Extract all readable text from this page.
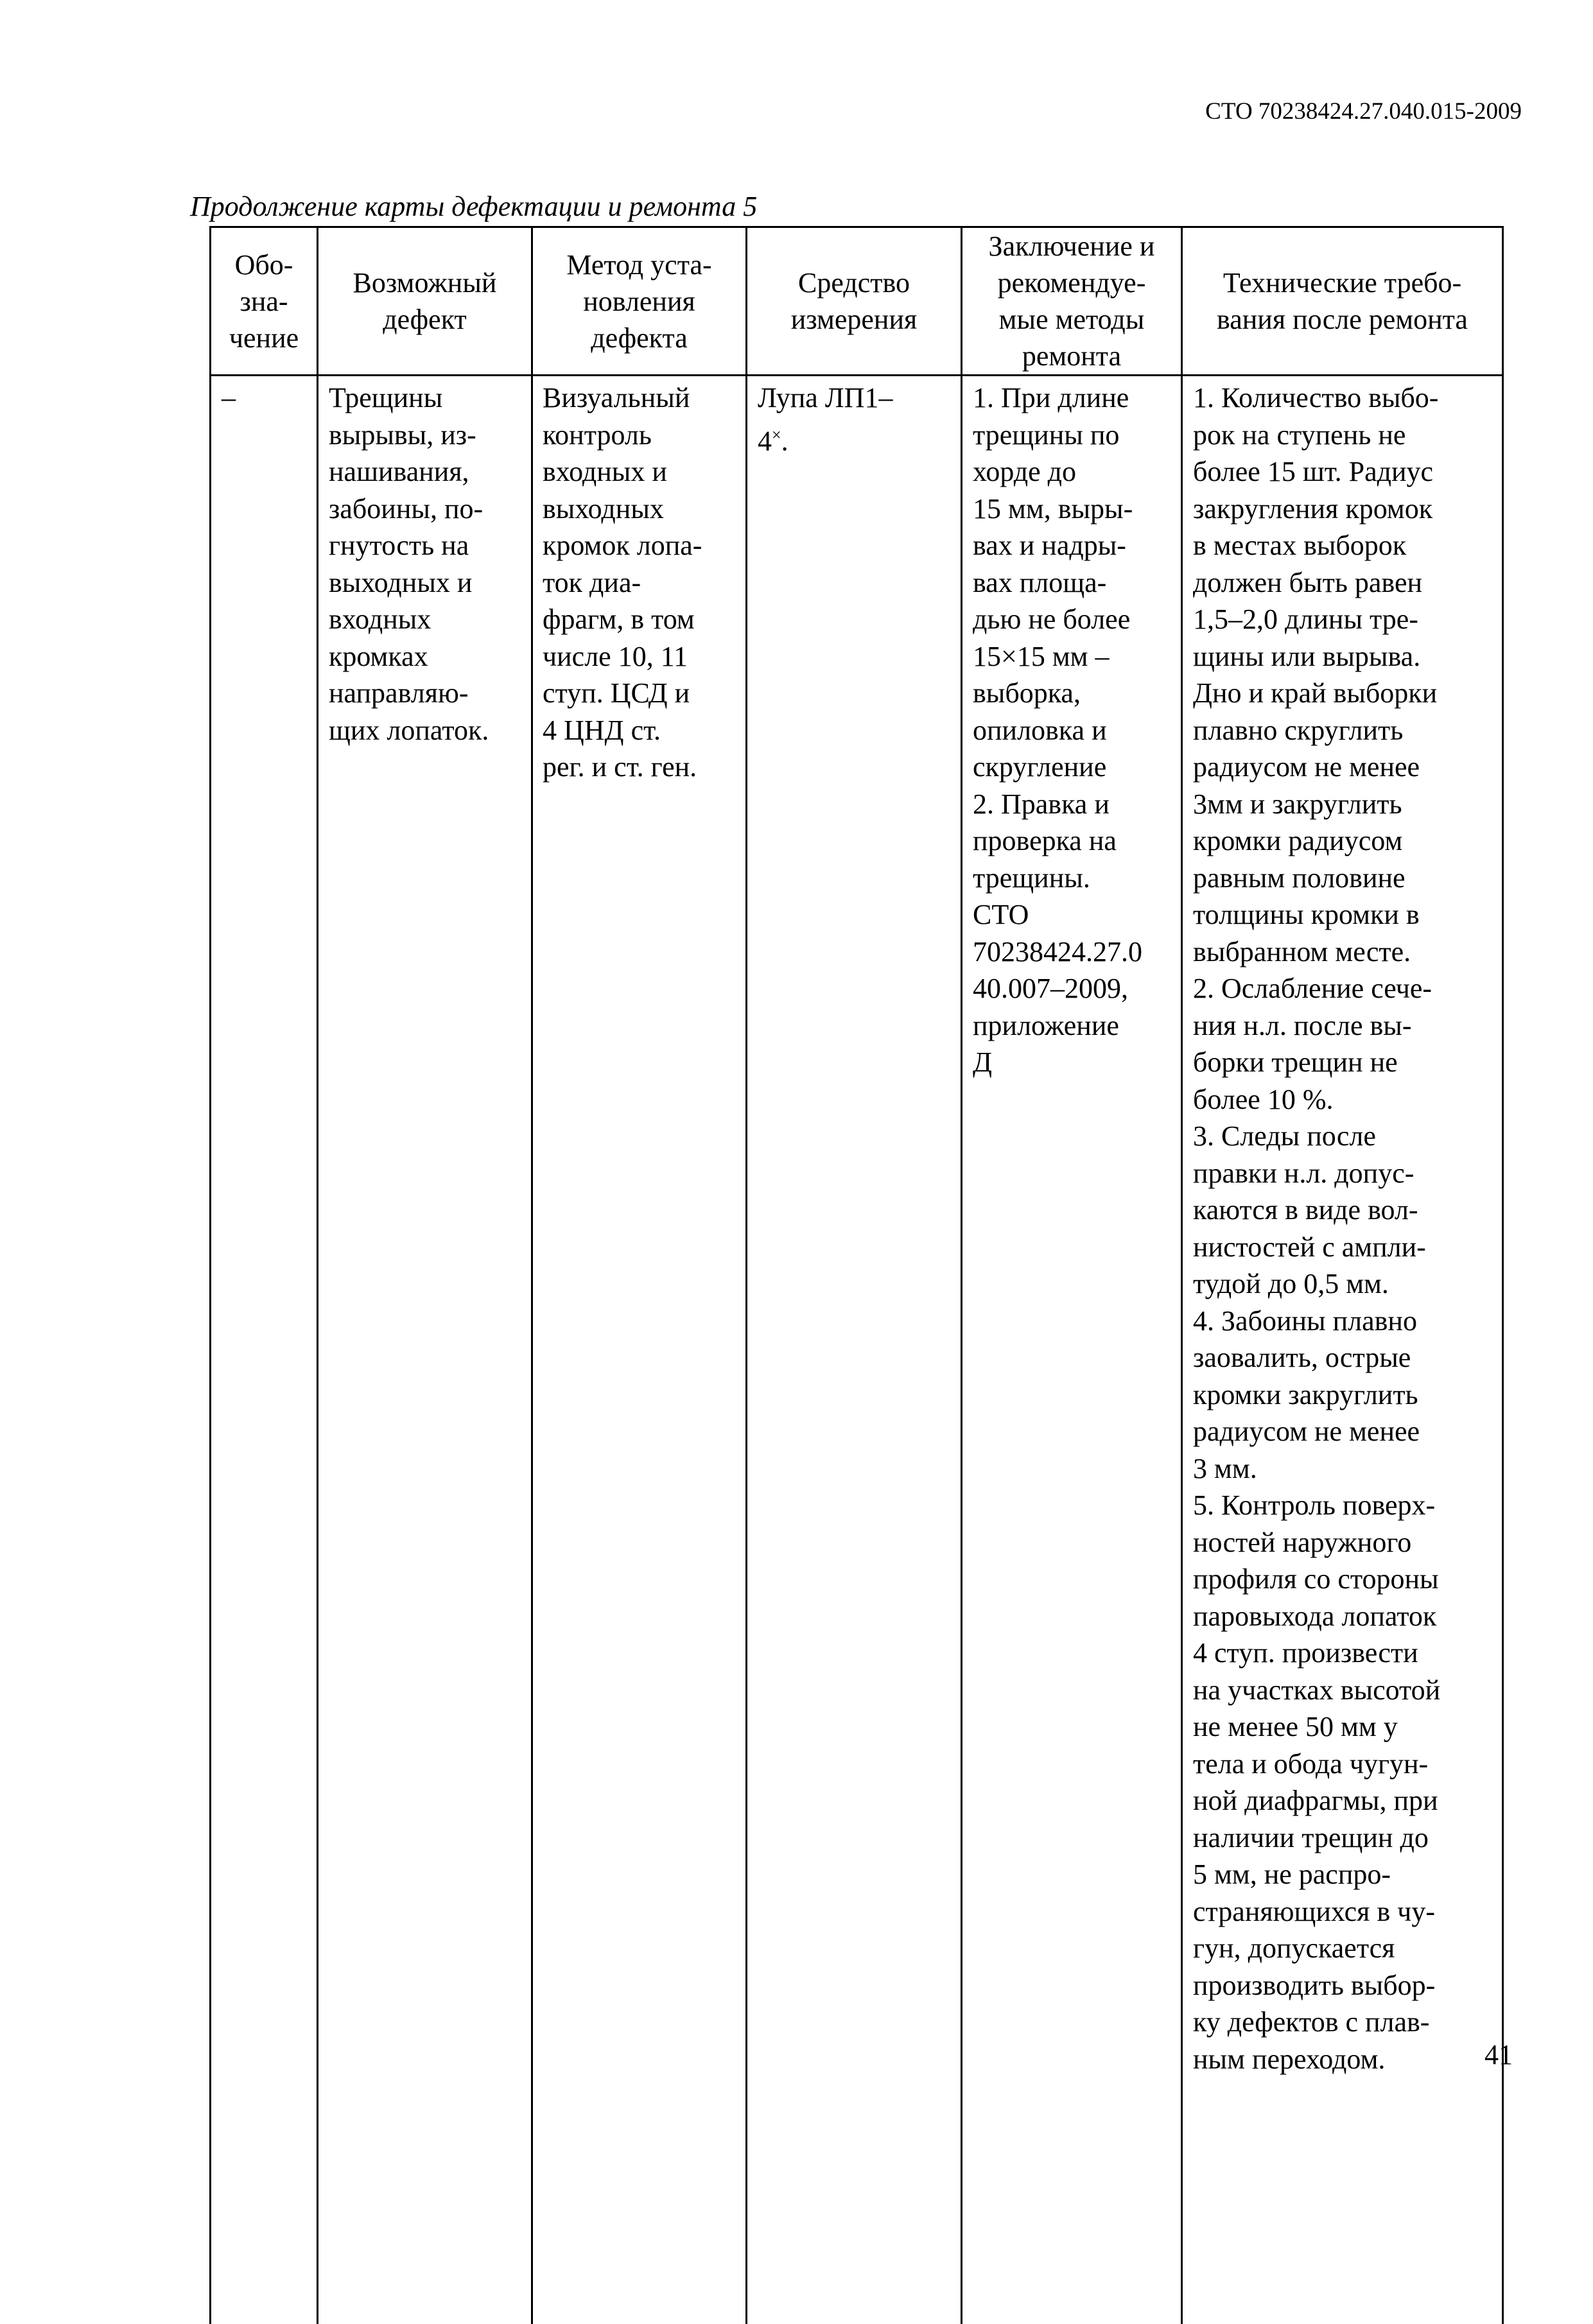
СТО 70238424.27.040.015-2009
Продолжение карты дефектации и ремонта 5
Обо-
зна-
чение
Возможный
дефект
Метод уста-
новления
дефекта
Средство
измерения
Заключение и
рекомендуе-
мые методы
ремонта
Технические требо-
вания после ремонта
–	Трещины
вырывы, из-
нашивания,
забоины, по-
гнутость на
выходных и
входных
кромках
направляю-
щих лопаток.
Визуальный
контроль
входных и
выходных
кромок лопа-
ток диа-
фрагм, в том
числе 10, 11
ступ. ЦСД и
4 ЦНД ст.
рег. и ст. ген.
Лупа ЛП1–
4×.
1. При длине
трещины по
хорде до
15 мм, выры-
вах и надры-
вах площа-
дью не более
15×15 мм –
выборка,
опиловка и
скругление
2. Правка и
проверка на
трещины.
СТО
70238424.27.0
40.007–2009,
приложение
Д
1. Количество выбо-
рок на ступень не
более 15 шт. Радиус
закругления кромок
в местах выборок
должен быть равен
1,5–2,0 длины тре-
щины или вырыва.
Дно и край выборки
плавно скруглить
радиусом не менее
3мм и закруглить
кромки радиусом
равным половине
толщины кромки в
выбранном месте.
2. Ослабление сече-
ния н.л. после вы-
борки трещин не
более 10 %.
3. Следы после
правки н.л. допус-
каются в виде вол-
нистостей с ампли-
тудой до 0,5 мм.
4. Забоины плавно
заовалить, острые
кромки закруглить
радиусом не менее
3 мм.
5. Контроль поверх-
ностей наружного
профиля со стороны
паровыхода лопаток
4 ступ. произвести
на участках высотой
не менее 50 мм у
тела и обода чугун-
ной диафрагмы, при
наличии трещин до
5 мм, не распро-
страняющихся в чу-
гун, допускается
производить выбор-
ку дефектов с плав-
ным переходом.	41
